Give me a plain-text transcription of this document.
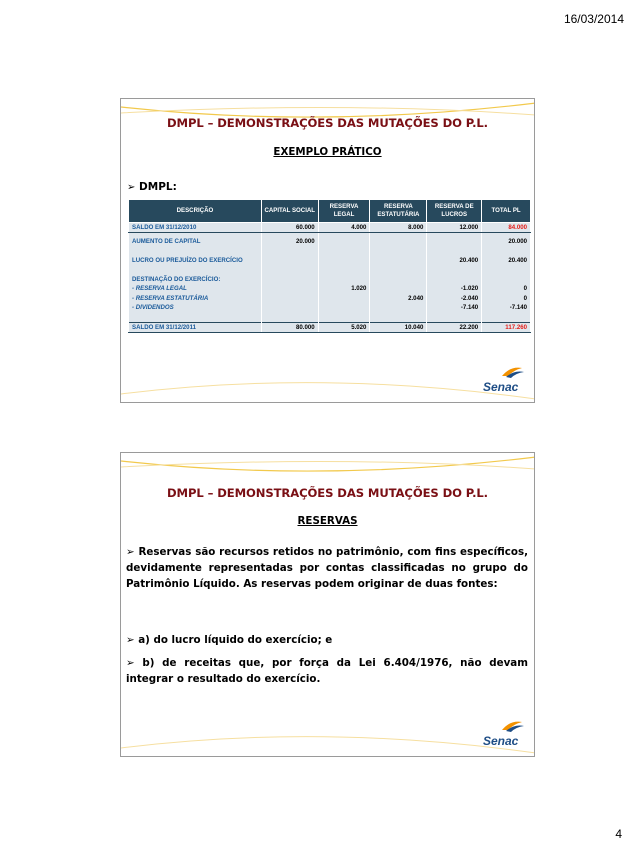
16/03/2014
DMPL – DEMONSTRAÇÕES DAS MUTAÇÕES DO P.L.
EXEMPLO PRÁTICO
➢ DMPL:
DESCRIÇÃO	CAPITAL SOCIAL	RESERVA LEGAL	RESERVA ESTATUTÁRIA	RESERVA DE LUCROS	TOTAL PL
SALDO EM 31/12/2010	60.000	4.000	8.000	12.000	84.000

AUMENTO DE CAPITAL	20.000				20.000

LUCRO OU PREJUÍZO DO EXERCÍCIO				20.400	20.400

DESTINAÇÃO DO EXERCÍCIO:					
- RESERVA LEGAL		1.020		-1.020	0
- RESERVA ESTATUTÁRIA			2.040	-2.040	0
- DIVIDENDOS				-7.140	-7.140

SALDO EM 31/12/2011	80.000	5.020	10.040	22.200	117.260
Senac
DMPL – DEMONSTRAÇÕES DAS MUTAÇÕES DO P.L.
RESERVAS
➢ Reservas são recursos retidos no patrimônio, com fins específicos, devidamente representadas por contas classificadas no grupo do Patrimônio Líquido. As reservas podem originar de duas fontes:
➢ a) do lucro líquido do exercício; e
➢ b) de receitas que, por força da Lei 6.404/1976, não devam integrar o resultado do exercício.
Senac
4
